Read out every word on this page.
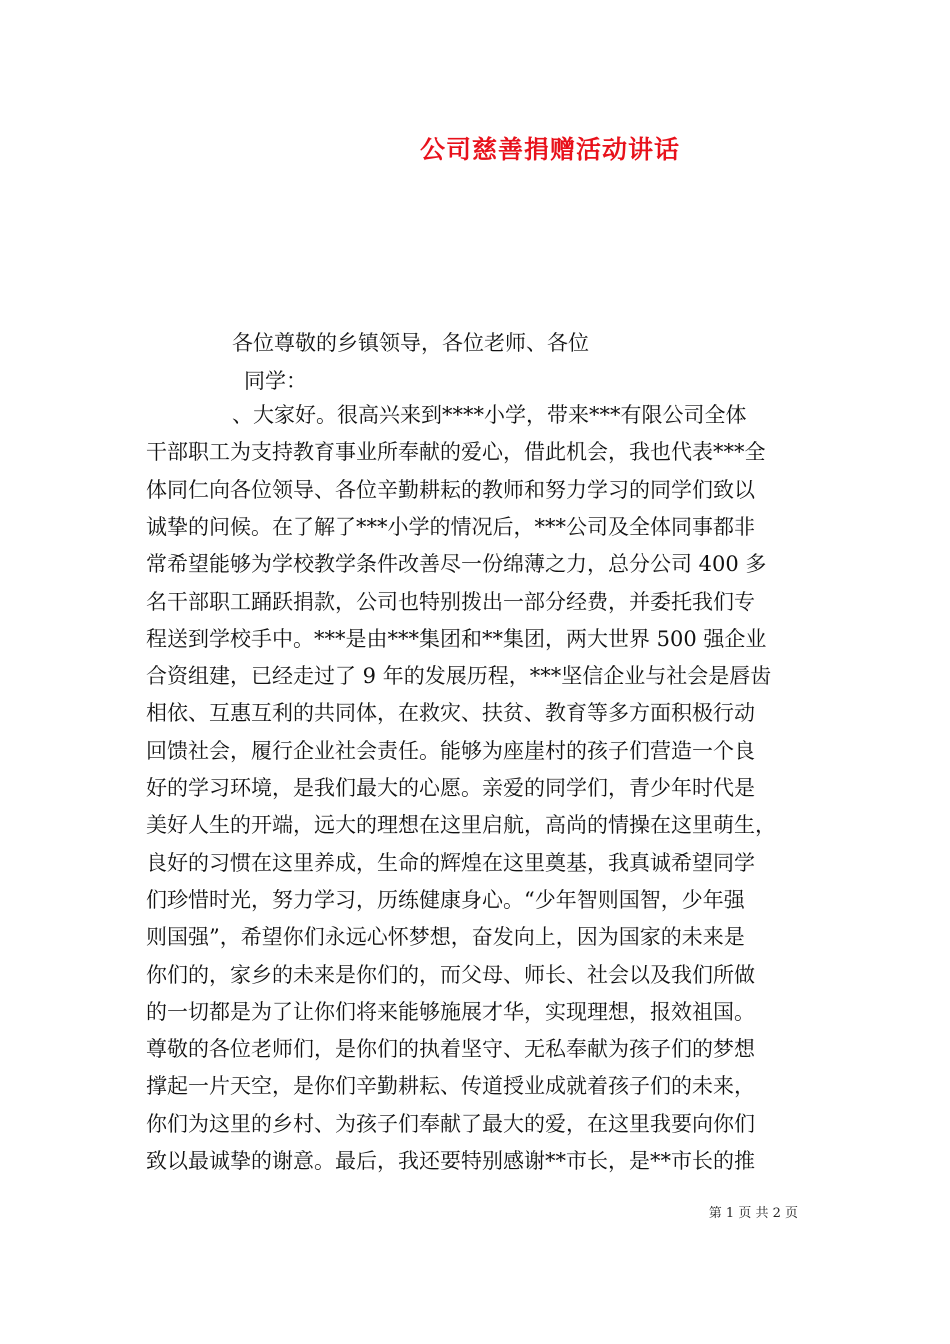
公司慈善捐赠活动讲话
各位尊敬的乡镇领导，各位老师、各位
同学：
、大家好。很高兴来到****小学，带来***有限公司全体
干部职工为支持教育事业所奉献的爱心，借此机会，我也代表***全
体同仁向各位领导、各位辛勤耕耘的教师和努力学习的同学们致以
诚挚的问候。在了解了***小学的情况后，***公司及全体同事都非
常希望能够为学校教学条件改善尽一份绵薄之力，总分公司 400 多
名干部职工踊跃捐款，公司也特别拨出一部分经费，并委托我们专
程送到学校手中。***是由***集团和**集团，两大世界 500 强企业
合资组建，已经走过了 9 年的发展历程，***坚信企业与社会是唇齿
相依、互惠互利的共同体，在救灾、扶贫、教育等多方面积极行动
回馈社会，履行企业社会责任。能够为座崖村的孩子们营造一个良
好的学习环境，是我们最大的心愿。亲爱的同学们，青少年时代是
美好人生的开端，远大的理想在这里启航，高尚的情操在这里萌生，
良好的习惯在这里养成，生命的辉煌在这里奠基，我真诚希望同学
们珍惜时光，努力学习，历练健康身心。“少年智则国智，少年强
则国强”，希望你们永远心怀梦想，奋发向上，因为国家的未来是
你们的，家乡的未来是你们的，而父母、师长、社会以及我们所做
的一切都是为了让你们将来能够施展才华，实现理想，报效祖国。
尊敬的各位老师们，是你们的执着坚守、无私奉献为孩子们的梦想
撑起一片天空，是你们辛勤耕耘、传道授业成就着孩子们的未来，
你们为这里的乡村、为孩子们奉献了最大的爱，在这里我要向你们
致以最诚挚的谢意。最后，我还要特别感谢**市长，是**市长的推
第 1 页 共 2 页
